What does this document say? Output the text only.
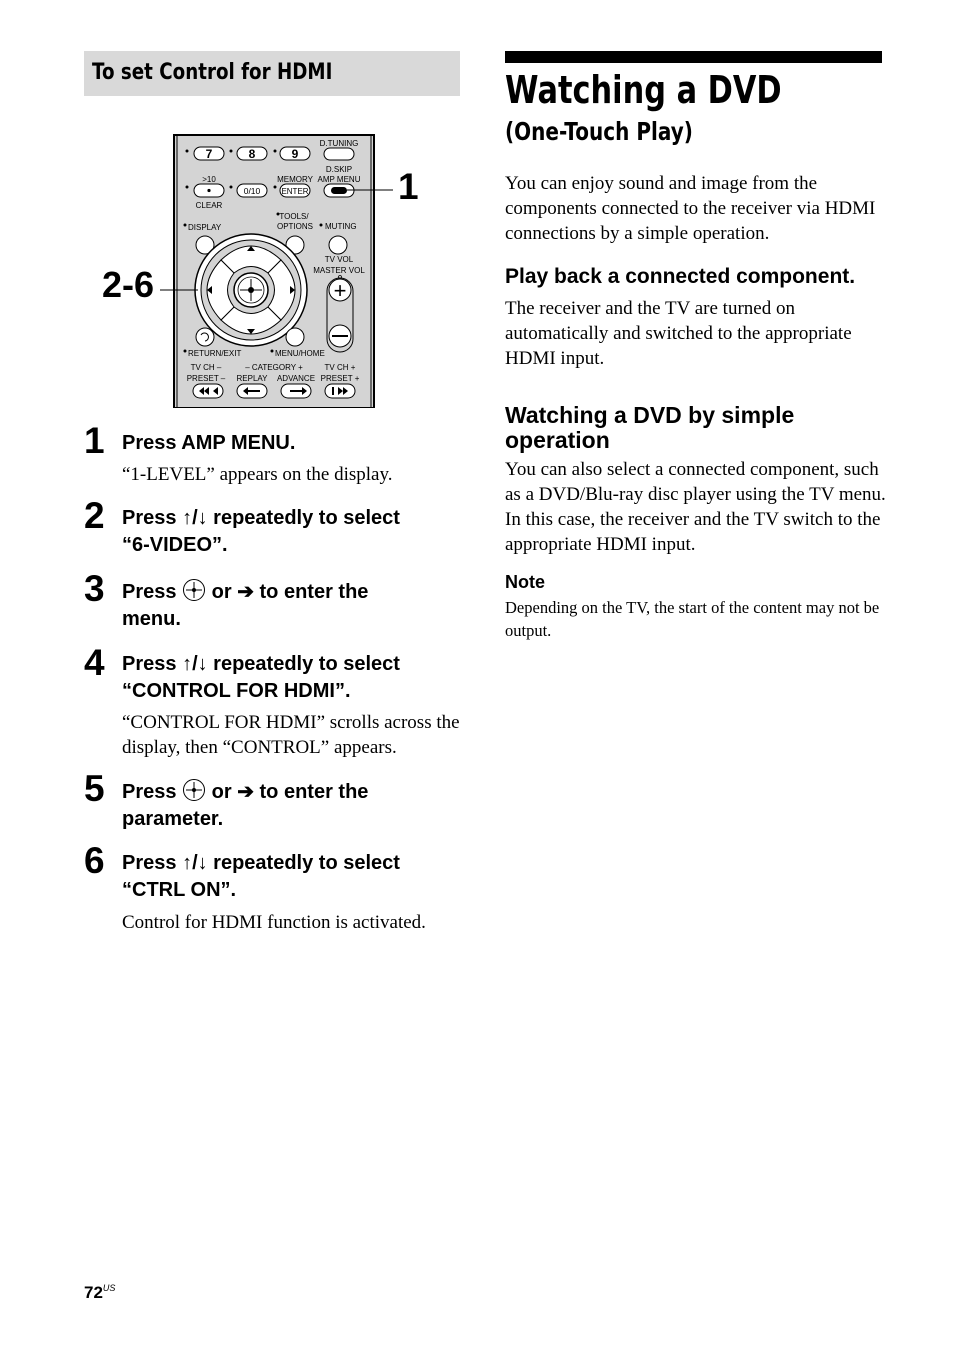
To set Control for HDMI
D.TUNING
7	8	9
D.SKIP
AMP MENU
>10
CLEAR
0/10
MEMORY
ENTER 1
TOOLS/
OPTIONS
DISPLAY	MUTING
TV VOL
MASTER VOL
+
2-6
RETURN/EXIT	MENU/HOME
TV CH –
PRESET –
– CATEGORY +
REPLAY ADVANCE
TV CH +
PRESET +
1 Press AMP MENU.
“1-LEVEL” appears on the display.
2 Press ↑/↓ repeatedly to select
“6-VIDEO”.
3 Press  or ➔ to enter the
menu.
4 Press ↑/↓ repeatedly to select
“CONTROL FOR HDMI”.
“CONTROL FOR HDMI” scrolls across the display, then “CONTROL” appears.
5 Press  or ➔ to enter the
parameter.
6 Press ↑/↓ repeatedly to select
“CTRL ON”.
Control for HDMI function is activated.
Watching a DVD
(One-Touch Play)
You can enjoy sound and image from the components connected to the receiver via HDMI connections by a simple operation.
Play back a connected component.
The receiver and the TV are turned on automatically and switched to the appropriate HDMI input.
Watching a DVD by simple operation
You can also select a connected component, such as a DVD/Blu-ray disc player using the TV menu. In this case, the receiver and the TV switch to the appropriate HDMI input.
Note
Depending on the TV, the start of the content may not be output.
$72^{US}$
